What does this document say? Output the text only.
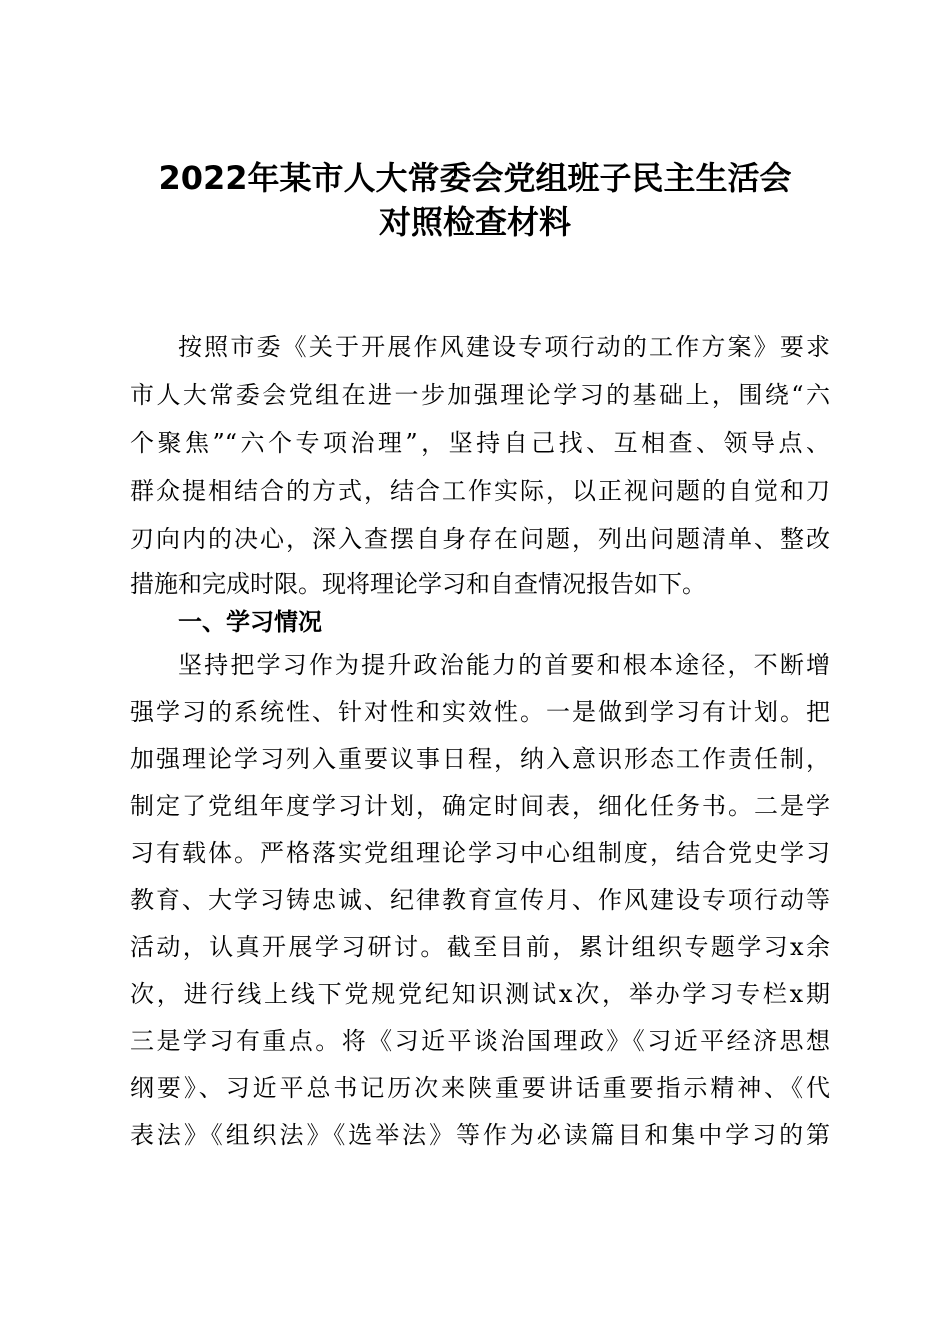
2022年某市人大常委会党组班子民主生活会
对照检查材料

按照市委《关于开展作风建设专项行动的工作方案》要求

市人大常委会党组在进一步加强理论学习的基础上，围绕“六

个聚焦”“六个专项治理”，坚持自己找、互相查、领导点、

群众提相结合的方式，结合工作实际，以正视问题的自觉和刀

刃向内的决心，深入查摆自身存在问题，列出问题清单、整改

措施和完成时限。现将理论学习和自查情况报告如下。

一、学习情况

坚持把学习作为提升政治能力的首要和根本途径，不断增

强学习的系统性、针对性和实效性。一是做到学习有计划。把

加强理论学习列入重要议事日程，纳入意识形态工作责任制，

制定了党组年度学习计划，确定时间表，细化任务书。二是学

习有载体。严格落实党组理论学习中心组制度，结合党史学习

教育、大学习铸忠诚、纪律教育宣传月、作风建设专项行动等

活动，认真开展学习研讨。截至目前，累计组织专题学习x余

次，进行线上线下党规党纪知识测试x次，举办学习专栏x期

三是学习有重点。将《习近平谈治国理政》《习近平经济思想

纲要》、习近平总书记历次来陕重要讲话重要指示精神、《代

表法》《组织法》《选举法》等作为必读篇目和集中学习的第
